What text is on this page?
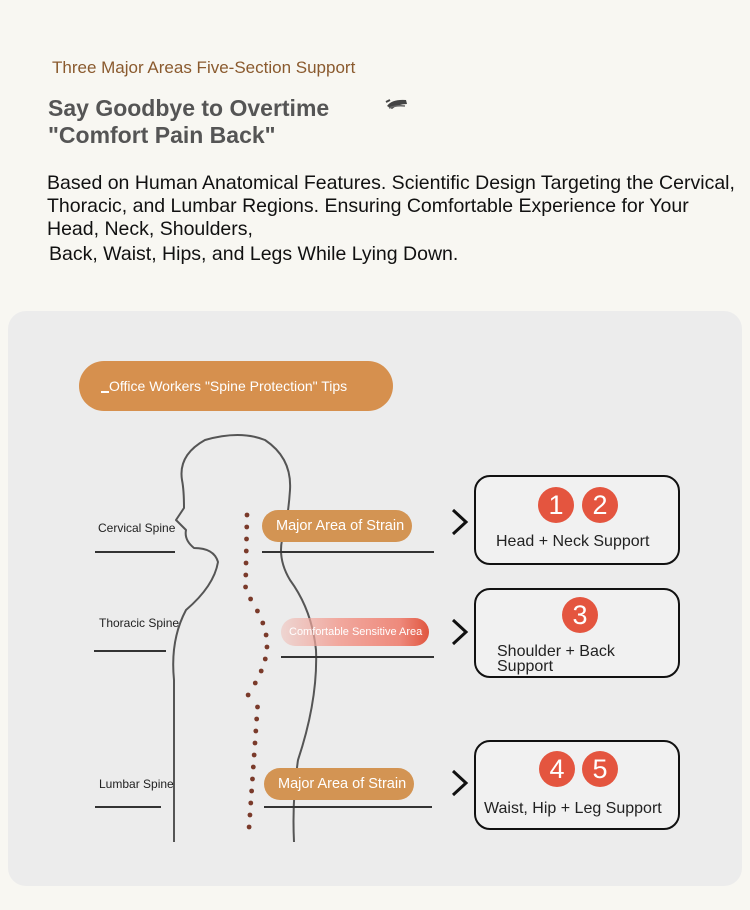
Three Major Areas Five-Section Support
Say Goodbye to Overtime
"Comfort Pain Back"
Based on Human Anatomical Features. Scientific Design Targeting the Cervical, Thoracic, and Lumbar Regions. Ensuring Comfortable Experience for Your Head, Neck, Shoulders,
Back, Waist, Hips, and Legs While Lying Down.
Office Workers "Spine Protection" Tips
Cervical Spine
Thoracic Spine
Lumbar Spine
Major Area of Strain
Comfortable Sensitive Area
Major Area of Strain
1	2
Head + Neck Support
3
Shoulder + Back
Support
4	5
Waist, Hip + Leg Support
